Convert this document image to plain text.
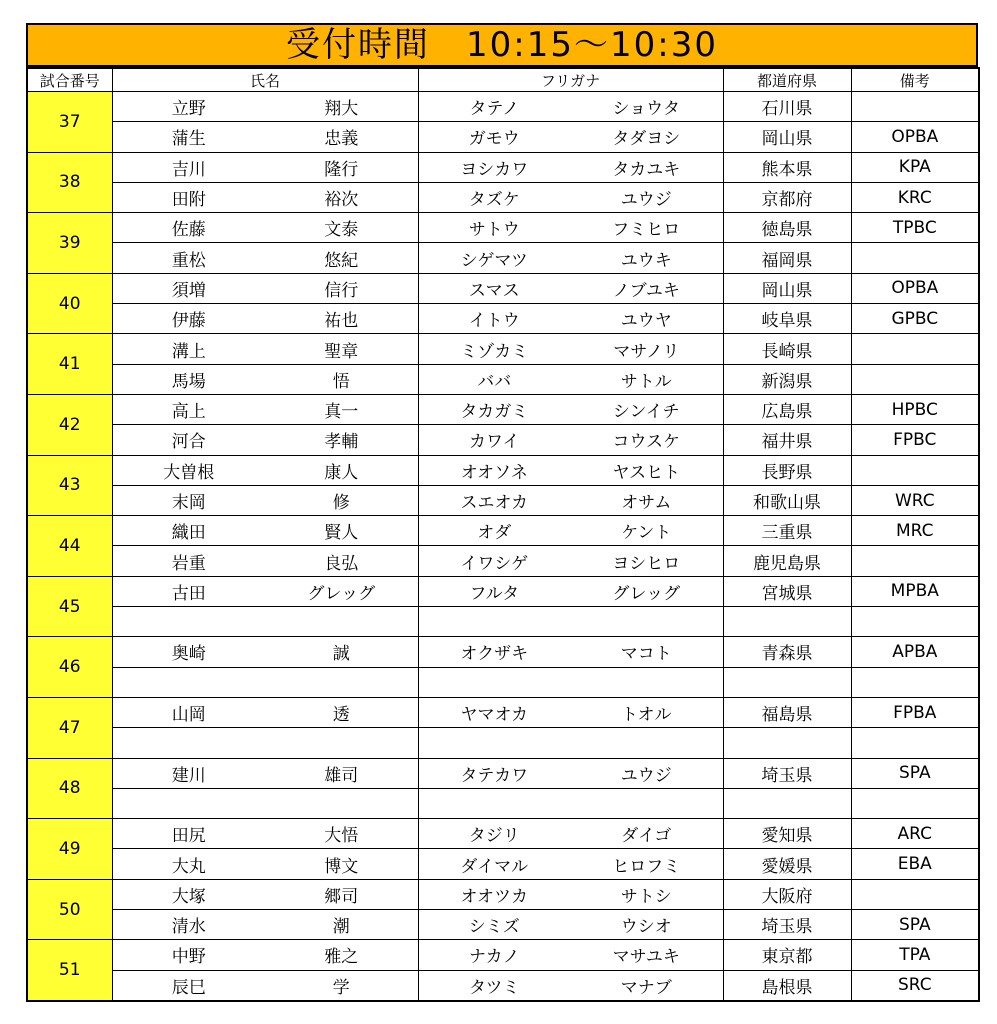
受付時間　10:15～10:30
試合番号	氏名		フリガナ		都道府県	備考
37	立野	翔大	タテノ	ショウタ	石川県	
	蒲生	忠義	ガモウ	タダヨシ	岡山県	OPBA
38	吉川	隆行	ヨシカワ	タカユキ	熊本県	KPA
	田附	裕次	タズケ	ユウジ	京都府	KRC
39	佐藤	文泰	サトウ	フミヒロ	徳島県	TPBC
	重松	悠紀	シゲマツ	ユウキ	福岡県	
40	須増	信行	スマス	ノブユキ	岡山県	OPBA
	伊藤	祐也	イトウ	ユウヤ	岐阜県	GPBC
41	溝上	聖章	ミゾカミ	マサノリ	長崎県	
	馬場	悟	ババ	サトル	新潟県	
42	高上	真一	タカガミ	シンイチ	広島県	HPBC
	河合	孝輔	カワイ	コウスケ	福井県	FPBC
43	大曽根	康人	オオソネ	ヤスヒト	長野県	
	末岡	修	スエオカ	オサム	和歌山県	WRC
44	織田	賢人	オダ	ケント	三重県	MRC
	岩重	良弘	イワシゲ	ヨシヒロ	鹿児島県	
45	古田	グレッグ	フルタ	グレッグ	宮城県	MPBA

46	奥崎	誠	オクザキ	マコト	青森県	APBA

47	山岡	透	ヤマオカ	トオル	福島県	FPBA

48	建川	雄司	タテカワ	ユウジ	埼玉県	SPA

49	田尻	大悟	タジリ	ダイゴ	愛知県	ARC
	大丸	博文	ダイマル	ヒロフミ	愛媛県	EBA
50	大塚	郷司	オオツカ	サトシ	大阪府	
	清水	潮	シミズ	ウシオ	埼玉県	SPA
51	中野	雅之	ナカノ	マサユキ	東京都	TPA
	辰巳	学	タツミ	マナブ	島根県	SRC
